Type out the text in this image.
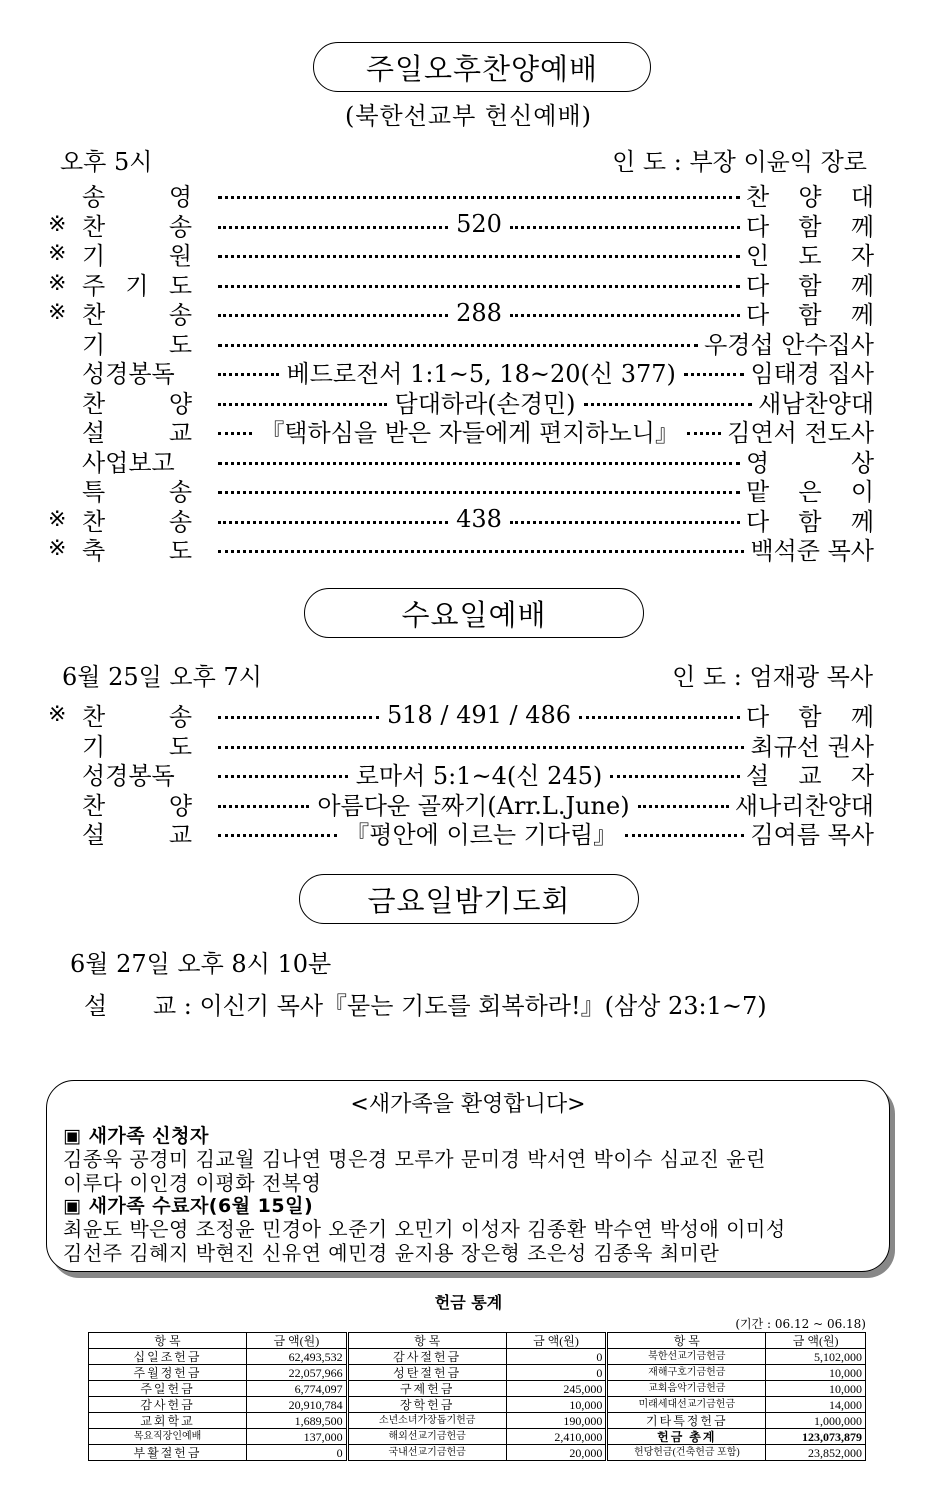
주일오후찬양예배
(북한선교부 헌신예배)
오후 5시	인 도 : 부장 이윤익 장로
송	영	찬 양 대
※ 찬	송	520	다 함 께
※ 기	원	인 도 자
※ 주 기 도	다 함 께
※ 찬	송	288	다 함 께
기	도	우경섭 안수집사
성경봉독	베드로전서 1:1~5, 18~20(신 377)	임태경 집사
찬	양	담대하라(손경민)	새남찬양대
설	교	『택하심을 받은 자들에게 편지하노니』	김연서 전도사
사업보고	영	상
특	송	맡 은 이
※ 찬	송	438	다 함 께
※ 축	도	백석준 목사
수요일예배
6월 25일 오후 7시	인 도 : 엄재광 목사
※ 찬	송	518 / 491 / 486	다 함 께
기	도	최규선 권사
성경봉독	로마서 5:1~4(신 245)	설 교 자
찬	양	아름다운 골짜기(Arr.L.June)	새나리찬양대
설	교	『평안에 이르는 기다림』	김여름 목사
금요일밤기도회
6월 27일 오후 8시 10분
설      교 : 이신기 목사『묻는 기도를 회복하라!』(삼상 23:1~7)
<새가족을 환영합니다>
▣ 새가족 신청자
김종욱 공경미 김교월 김나연 명은경 모루가 문미경 박서연 박이수 심교진 윤린
이루다 이인경 이평화 전복영
▣ 새가족 수료자(6월 15일)
최윤도 박은영 조정윤 민경아 오준기 오민기 이성자 김종환 박수연 박성애 이미성
김선주 김혜지 박현진 신유연 예민경 윤지용 장은형 조은성 김종욱 최미란
헌금 통계
(기간 : 06.12 ~ 06.18)
항 목	금 액(원)	항 목	금 액(원)	항 목	금 액(원)
십일조헌금	62,493,532	감사절헌금	0	북한선교기금헌금	5,102,000
주월정헌금	22,057,966	성탄절헌금	0	재해구호기금헌금	10,000
주일헌금	6,774,097	구제헌금	245,000	교회음악기금헌금	10,000
감사헌금	20,910,784	장학헌금	10,000	미래세대선교기금헌금	14,000
교회학교	1,689,500	소년소녀가장돕기헌금	190,000	기타특정헌금	1,000,000
목요직장인예배	137,000	해외선교기금헌금	2,410,000	헌금 총계	123,073,879
부활절헌금	0	국내선교기금헌금	20,000	헌당헌금(건축헌금 포함)	23,852,000
